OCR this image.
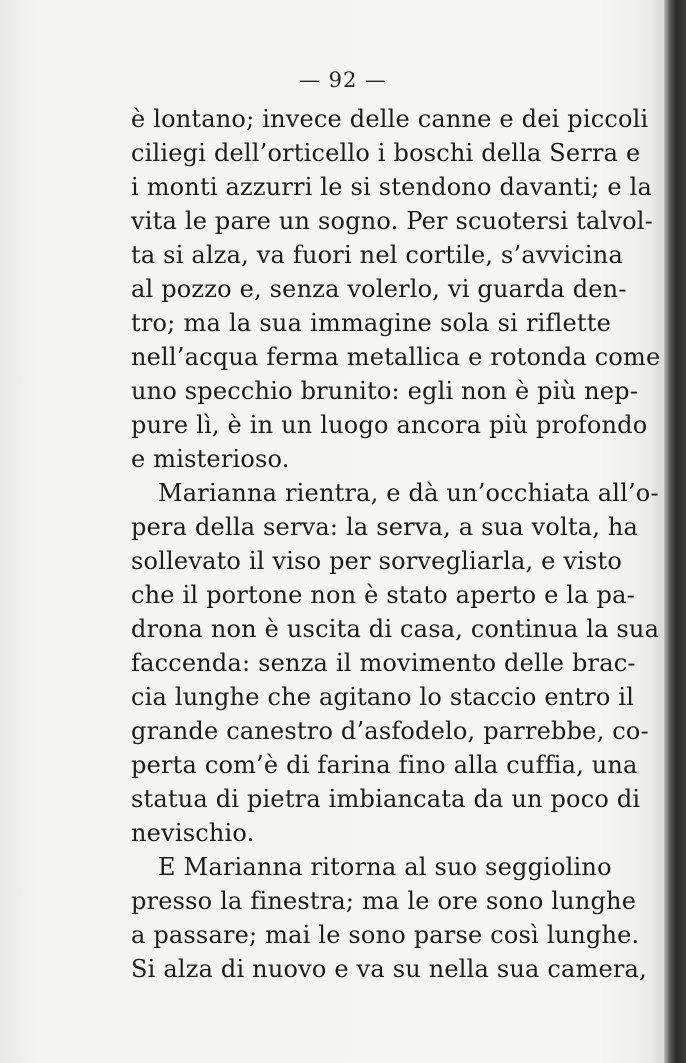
— 92 —
è lontano; invece delle canne e dei piccoli
ciliegi dell’orticello i boschi della Serra e
i monti azzurri le si stendono davanti; e la
vita le pare un sogno. Per scuotersi talvol-
ta si alza, va fuori nel cortile, s’avvicina
al pozzo e, senza volerlo, vi guarda den-
tro; ma la sua immagine sola si riflette
nell’acqua ferma metallica e rotonda come
uno specchio brunito: egli non è più nep-
pure lì, è in un luogo ancora più profondo
e misterioso.
Marianna rientra, e dà un’occhiata all’o-
pera della serva: la serva, a sua volta, ha
sollevato il viso per sorvegliarla, e visto
che il portone non è stato aperto e la pa-
drona non è uscita di casa, continua la sua
faccenda: senza il movimento delle brac-
cia lunghe che agitano lo staccio entro il
grande canestro d’asfodelo, parrebbe, co-
perta com’è di farina fino alla cuffia, una
statua di pietra imbiancata da un poco di
nevischio.
E Marianna ritorna al suo seggiolino
presso la finestra; ma le ore sono lunghe
a passare; mai le sono parse così lunghe.
Si alza di nuovo e va su nella sua camera,
